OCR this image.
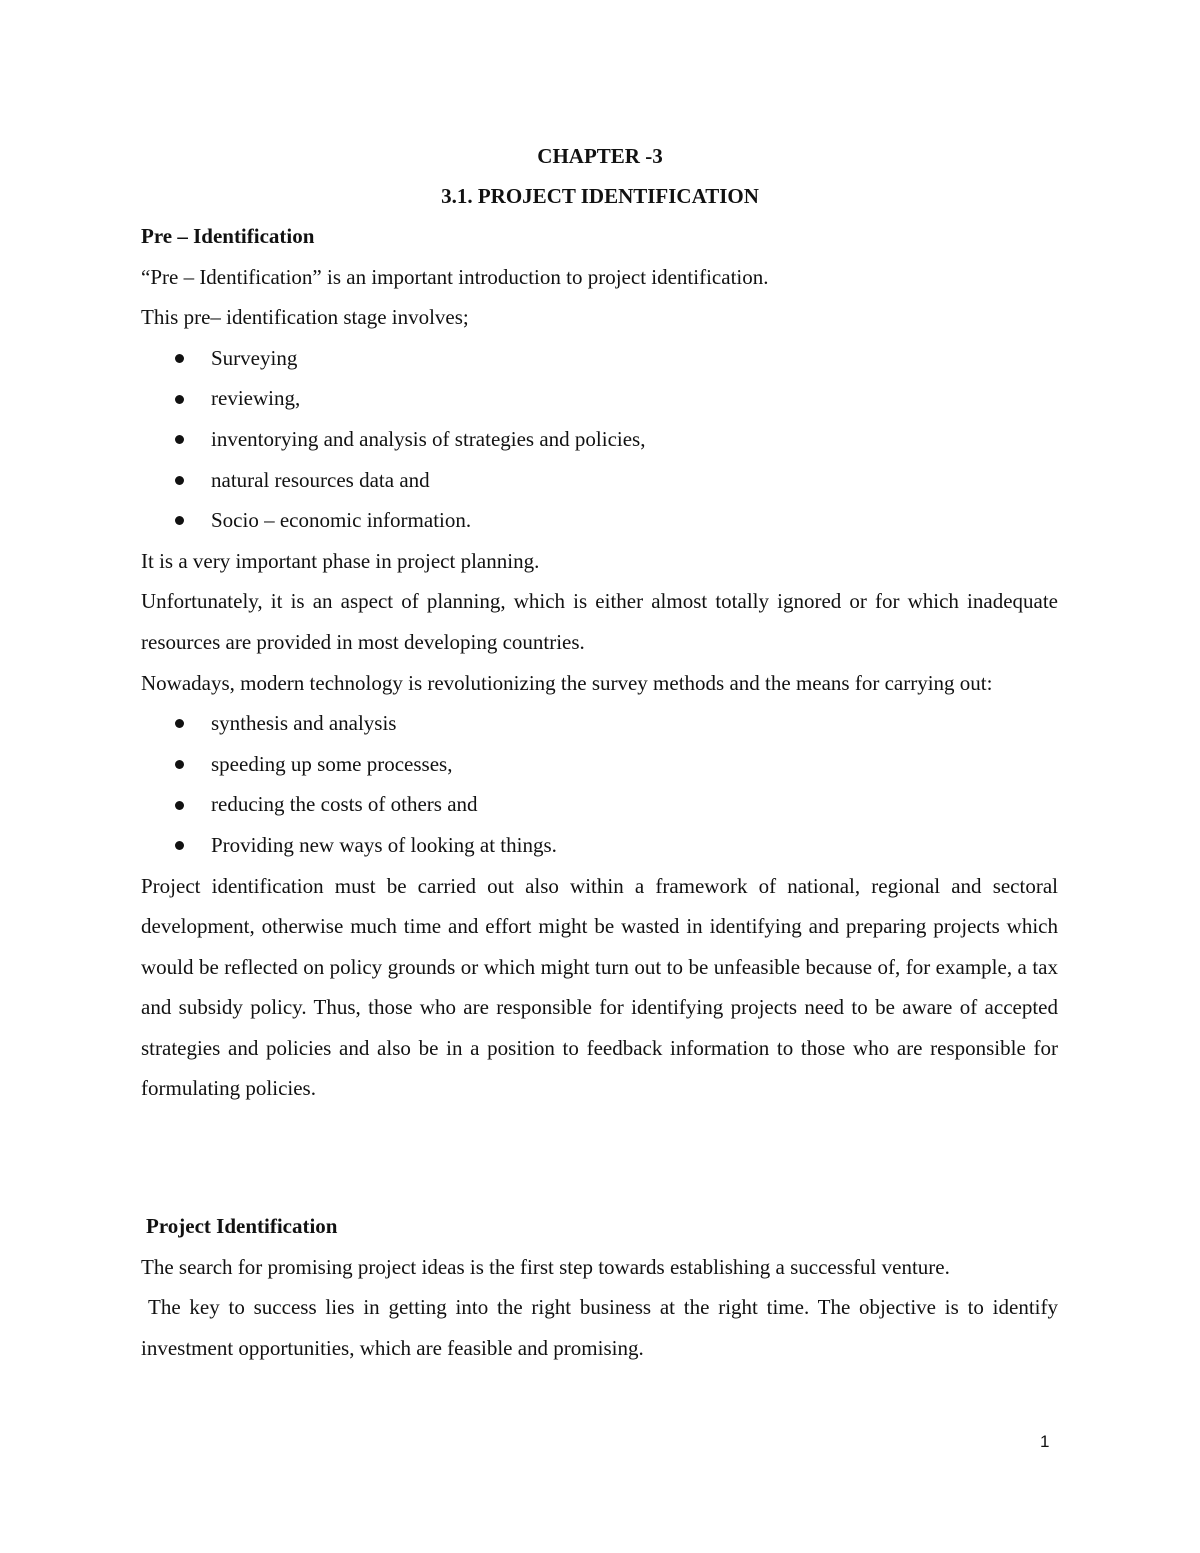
CHAPTER -3
3.1. PROJECT IDENTIFICATION

Pre – Identification

“Pre – Identification” is an important introduction to project identification.

This pre– identification stage involves;

Surveying
reviewing,
inventorying and analysis of strategies and policies,
natural resources data and
Socio – economic information.

It is a very important phase in project planning.

Unfortunately, it is an aspect of planning, which is either almost totally ignored or for which inadequate resources are provided in most developing countries.

Nowadays, modern technology is revolutionizing the survey methods and the means for carrying out:

synthesis and analysis
speeding up some processes,
reducing the costs of others and
Providing new ways of looking at things.

Project identification must be carried out also within a framework of national, regional and sectoral development, otherwise much time and effort might be wasted in identifying and preparing projects which would be reflected on policy grounds or which might turn out to be unfeasible because of, for example, a tax and subsidy policy. Thus, those who are responsible for identifying projects need to be aware of accepted strategies and policies and also be in a position to feedback information to those who are responsible for formulating policies.

Project Identification

The search for promising project ideas is the first step towards establishing a successful venture.

The key to success lies in getting into the right business at the right time. The objective is to identify investment opportunities, which are feasible and promising.

1
